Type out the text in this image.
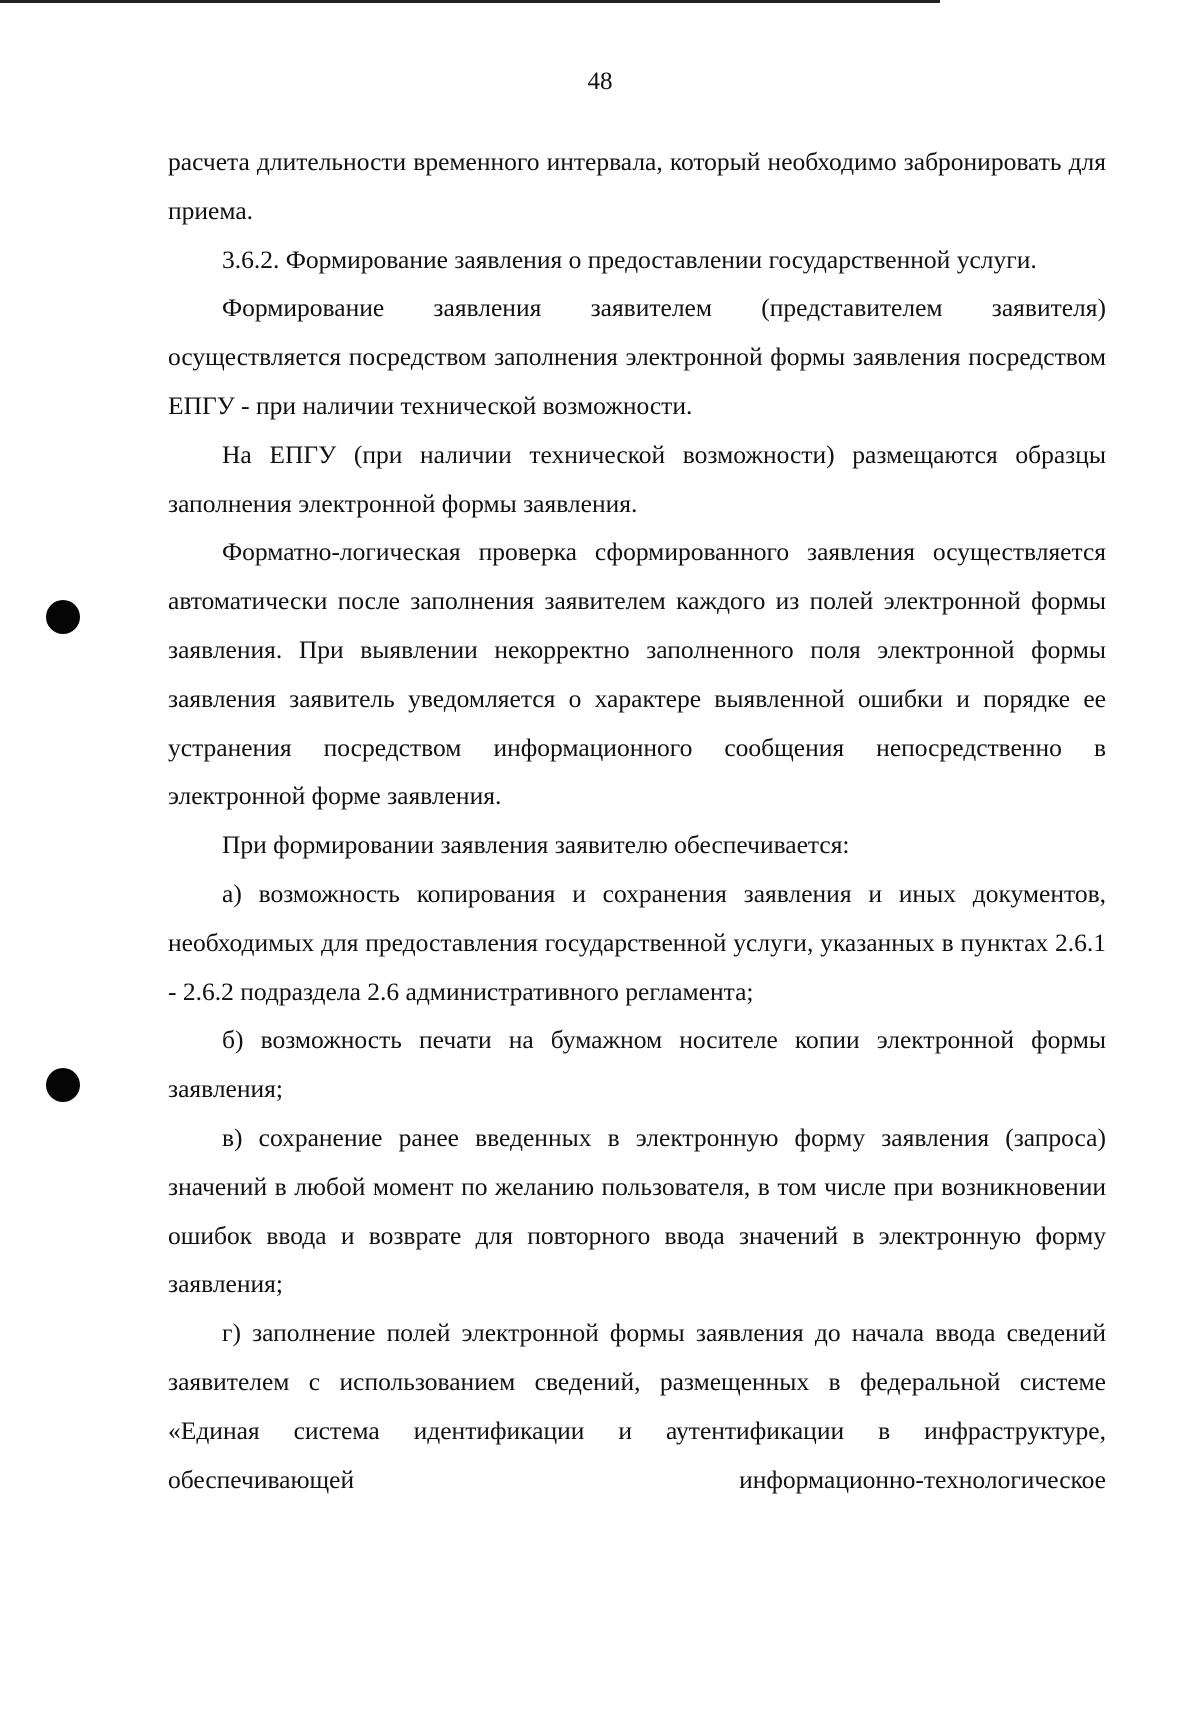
48

расчета длительности временного интервала, который необходимо забронировать для приема.

3.6.2. Формирование заявления о предоставлении государственной услуги.

Формирование заявления заявителем (представителем заявителя) осуществляется посредством заполнения электронной формы заявления посредством ЕПГУ - при наличии технической возможности.

На ЕПГУ (при наличии технической возможности) размещаются образцы заполнения электронной формы заявления.

Форматно-логическая проверка сформированного заявления осуществляется автоматически после заполнения заявителем каждого из полей электронной формы заявления. При выявлении некорректно заполненного поля электронной формы заявления заявитель уведомляется о характере выявленной ошибки и порядке ее устранения посредством информационного сообщения непосредственно в электронной форме заявления.

При формировании заявления заявителю обеспечивается:

а) возможность копирования и сохранения заявления и иных документов, необходимых для предоставления государственной услуги, указанных в пунктах 2.6.1 - 2.6.2 подраздела 2.6 административного регламента;

б) возможность печати на бумажном носителе копии электронной формы заявления;

в) сохранение ранее введенных в электронную форму заявления (запроса) значений в любой момент по желанию пользователя, в том числе при возникновении ошибок ввода и возврате для повторного ввода значений в электронную форму заявления;

г) заполнение полей электронной формы заявления до начала ввода сведений заявителем с использованием сведений, размещенных в федеральной системе «Единая система идентификации и аутентификации в инфраструктуре, обеспечивающей информационно-технологическое
